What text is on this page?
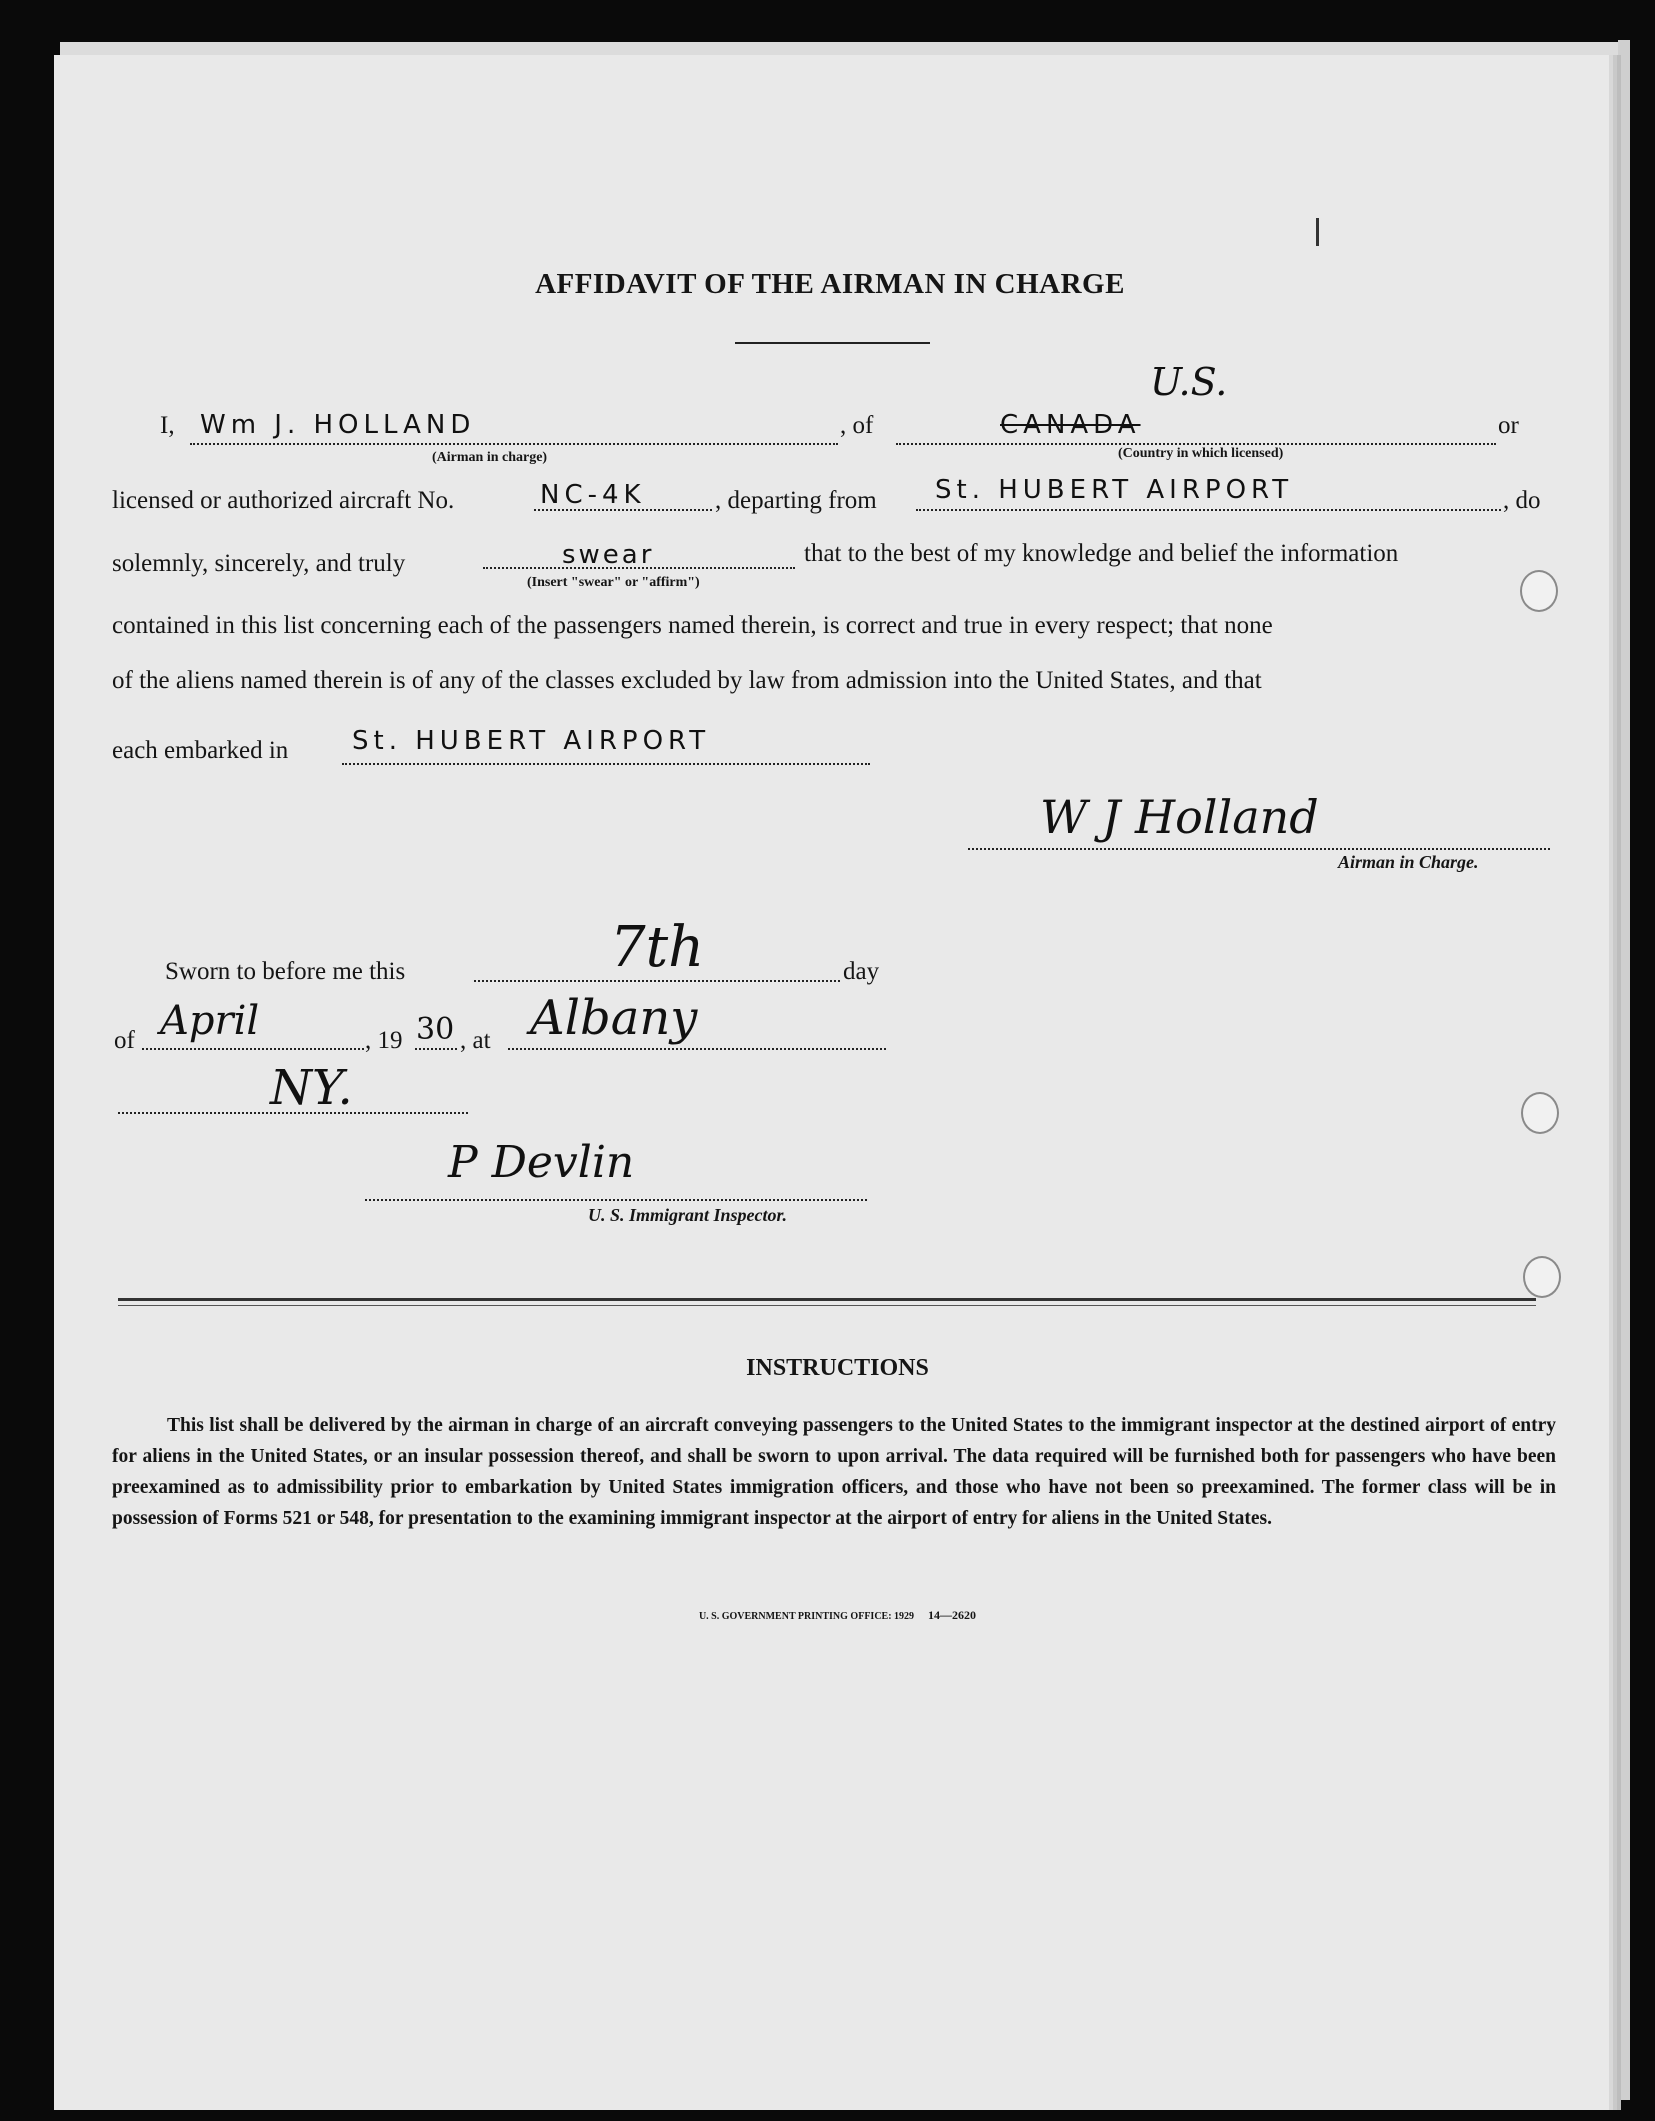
AFFIDAVIT OF THE AIRMAN IN CHARGE
I, Wm J. HOLLAND
(Airman in charge)
, of	CANADA
U.S.
(Country in which licensed)
or
licensed or authorized aircraft No.	NC-4K	, departing from St. HUBERT AIRPORT	, do
solemnly, sincerely, and truly	swear
(Insert "swear" or "affirm")
that to the best of my knowledge and belief the information
contained in this list concerning each of the passengers named therein, is correct and true in every respect; that none
of the aliens named therein is of any of the classes excluded by law from admission into the United States, and that
each embarked in St. HUBERT AIRPORT
W J Holland
Airman in Charge.
Sworn to before me this	7th	day
of April	, 19 30 , at Albany
NY.
P Devlin
U. S. Immigrant Inspector.
INSTRUCTIONS
This list shall be delivered by the airman in charge of an aircraft conveying passengers to the United States to the immigrant inspector at the destined airport of entry for aliens in the United States, or an insular possession thereof, and shall be sworn to upon arrival. The data required will be furnished both for passengers who have been preexamined as to admissibility prior to embarkation by United States immigration officers, and those who have not been so preexamined. The former class will be in possession of Forms 521 or 548, for presentation to the examining immigrant inspector at the airport of entry for aliens in the United States.
U. S. GOVERNMENT PRINTING OFFICE: 1929 14—2620
